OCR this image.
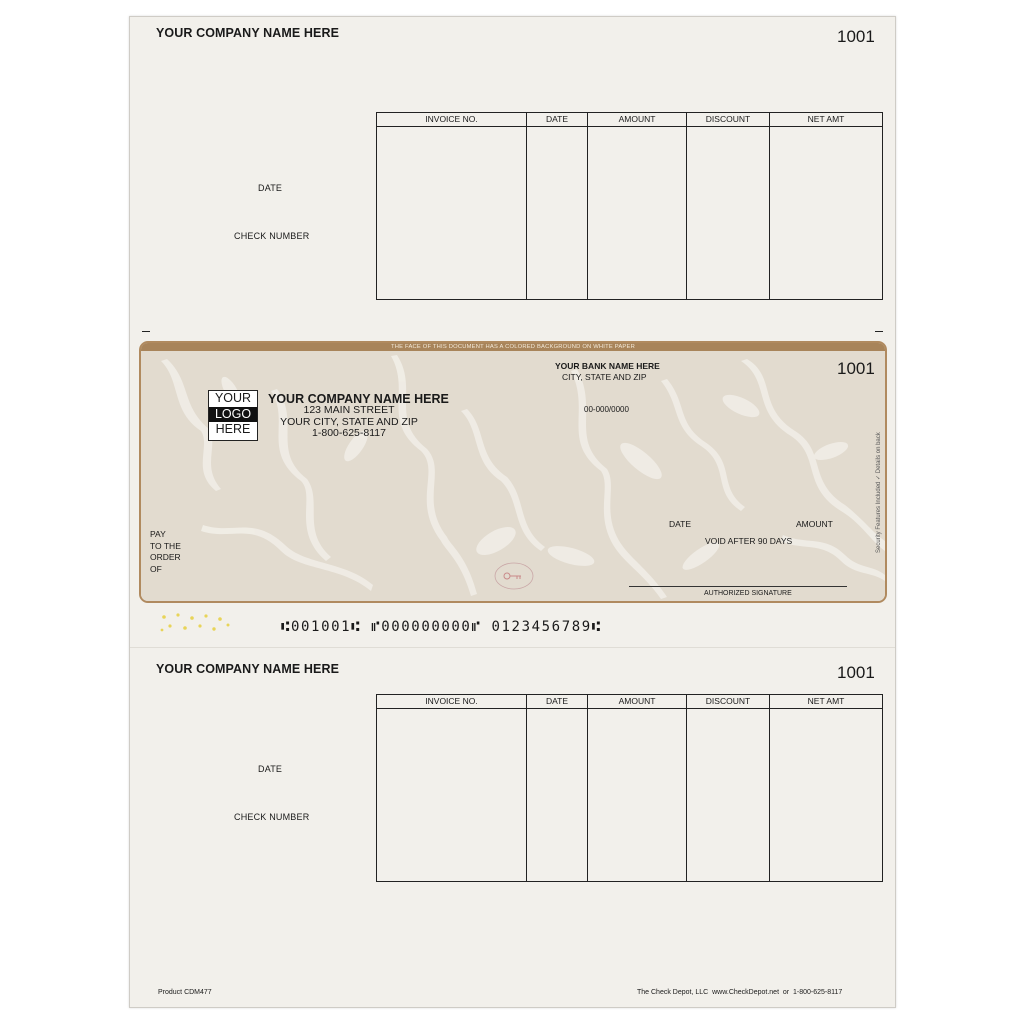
YOUR COMPANY NAME HERE	1001
DATE
CHECK NUMBER
INVOICE NO.	DATE	AMOUNT	DISCOUNT	NET AMT
THE FACE OF THIS DOCUMENT HAS A COLORED BACKGROUND ON WHITE PAPER
1001
YOUR
LOGO
HERE
YOUR COMPANY NAME HERE
123 MAIN STREET
YOUR CITY, STATE AND ZIP
1-800-625-8117
YOUR BANK NAME HERE
CITY, STATE AND ZIP
00-000/0000
DATE	AMOUNT
VOID AFTER 90 DAYS
PAY
TO THE
ORDER
OF
AUTHORIZED SIGNATURE
Security Features Included ✓ Details on back
⑆001001⑆ ⑈000000000⑈ 0123456789⑆
YOUR COMPANY NAME HERE	1001
DATE
CHECK NUMBER
INVOICE NO.	DATE	AMOUNT	DISCOUNT	NET AMT
Product CDM477	The Check Depot, LLC  www.CheckDepot.net  or  1-800-625-8117
